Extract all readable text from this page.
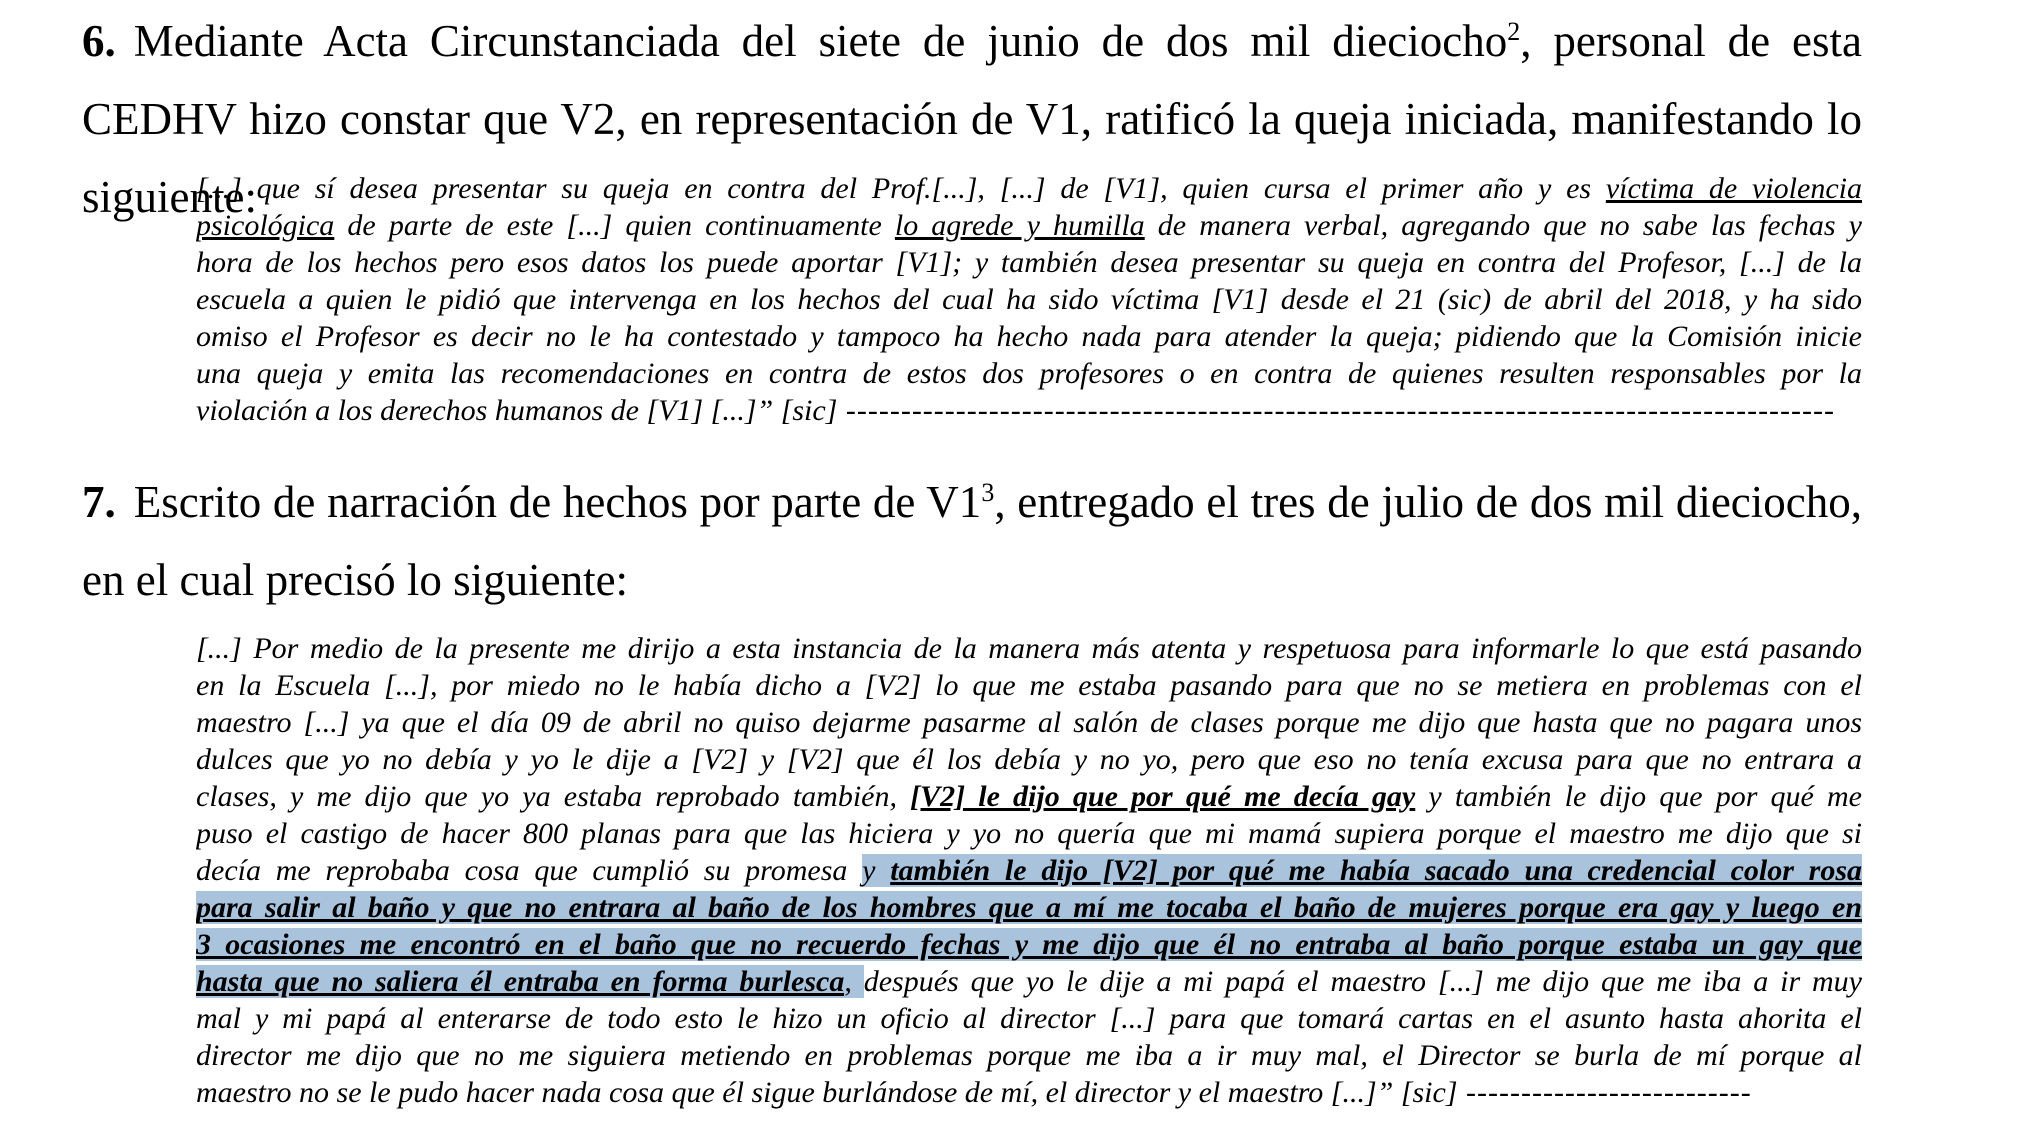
6. Mediante Acta Circunstanciada del siete de junio de dos mil dieciocho$^2$, personal de esta CEDHV hizo constar que V2, en representación de V1, ratificó la queja iniciada, manifestando lo siguiente:
[...] que sí desea presentar su queja en contra del Prof.[...], [...] de [V1], quien cursa el primer año y es víctima de violencia
psicológica de parte de este [...] quien continuamente lo agrede y humilla de manera verbal, agregando que no sabe las fechas y
hora de los hechos pero esos datos los puede aportar [V1]; y también desea presentar su queja en contra del Profesor, [...] de la
escuela a quien le pidió que intervenga en los hechos del cual ha sido víctima [V1] desde el 21 (sic) de abril del 2018, y ha sido
omiso el Profesor es decir no le ha contestado y tampoco ha hecho nada para atender la queja; pidiendo que la Comisión inicie
una queja y emita las recomendaciones en contra de estos dos profesores o en contra de quienes resulten responsables por la
violación a los derechos humanos de [V1] [...]” [sic] ------------------------------------------------------------------------------------------
7. Escrito de narración de hechos por parte de $V1^3$, entregado el tres de julio de dos mil dieciocho, en el cual precisó lo siguiente:
[...] Por medio de la presente me dirijo a esta instancia de la manera más atenta y respetuosa para informarle lo que está pasando
en la Escuela [...], por miedo no le había dicho a [V2] lo que me estaba pasando para que no se metiera en problemas con el
maestro [...] ya que el día 09 de abril no quiso dejarme pasarme al salón de clases porque me dijo que hasta que no pagara unos
dulces que yo no debía y yo le dije a [V2] y [V2] que él los debía y no yo, pero que eso no tenía excusa para que no entrara a
clases, y me dijo que yo ya estaba reprobado también, [V2] le dijo que por qué me decía gay y también le dijo que por qué me
puso el castigo de hacer 800 planas para que las hiciera y yo no quería que mi mamá supiera porque el maestro me dijo que si
decía me reprobaba cosa que cumplió su promesa y también le dijo [V2] por qué me había sacado una credencial color rosa
para salir al baño y que no entrara al baño de los hombres que a mí me tocaba el baño de mujeres porque era gay y luego en
3 ocasiones me encontró en el baño que no recuerdo fechas y me dijo que él no entraba al baño porque estaba un gay que
hasta que no saliera él entraba en forma burlesca, después que yo le dije a mi papá el maestro [...] me dijo que me iba a ir muy
mal y mi papá al enterarse de todo esto le hizo un oficio al director [...] para que tomará cartas en el asunto hasta ahorita el
director me dijo que no me siguiera metiendo en problemas porque me iba a ir muy mal, el Director se burla de mí porque al
maestro no se le pudo hacer nada cosa que él sigue burlándose de mí, el director y el maestro [...]” [sic] --------------------------
